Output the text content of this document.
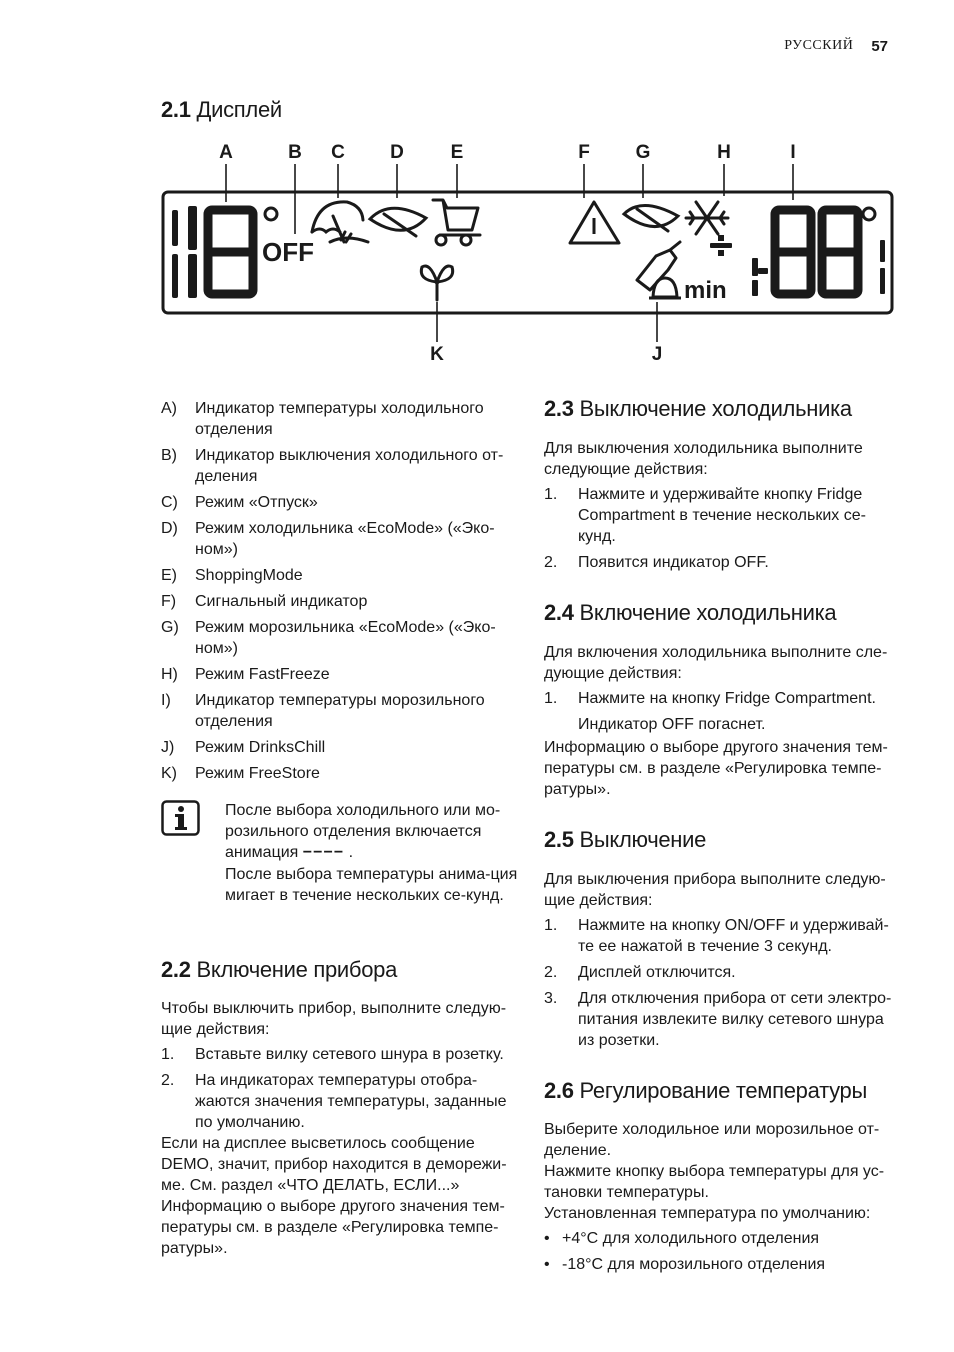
РУССКИЙ 57
2.1 Дисплей
A	B C D E	F G	H	I
K	J
OFF
min
A)	Индикатор температуры холодильного отделения
B)	Индикатор выключения холодильного от-деления
C)	Режим «Отпуск»
D)	Режим холодильника «EcoMode» («Эко-ном»)
E)	ShoppingMode
F)	Сигнальный индикатор
G)	Режим морозильника «EcoMode» («Эко-ном»)
H)	Режим FastFreeze
I)	Индикатор температуры морозильного отделения
J)	Режим DrinksChill
K)	Режим FreeStore

После выбора холодильного или мо-розильного отделения включается анимация −−−− .

После выбора температуры анима-ция мигает в течение нескольких се-кунд.

2.2 Включение прибора

Чтобы выключить прибор, выполните следую-щие действия:

1.	Вставьте вилку сетевого шнура в розетку.
2.	На индикаторах температуры отобра-жаются значения температуры, заданные по умолчанию.

Если на дисплее высветилось сообщение DEMO, значит, прибор находится в деморежи-ме. См. раздел «ЧТО ДЕЛАТЬ, ЕСЛИ...»

Информацию о выборе другого значения тем-пературы см. в разделе «Регулировка темпе-ратуры».

2.3 Выключение холодильника

Для выключения холодильника выполните следующие действия:

1.	Нажмите и удерживайте кнопку Fridge Compartment в течение нескольких се-кунд.
2.	Появится индикатор OFF.
2.4 Включение холодильника

Для включения холодильника выполните сле-дующие действия:

1.	Нажмите на кнопку Fridge Compartment.

Индикатор OFF погаснет.

Информацию о выборе другого значения тем-пературы см. в разделе «Регулировка темпе-ратуры».

2.5 Выключение

Для выключения прибора выполните следую-щие действия:

1.	Нажмите на кнопку ON/OFF и удерживай-те ее нажатой в течение 3 секунд.
2.	Дисплей отключится.
3.	Для отключения прибора от сети электро-питания извлеките вилку сетевого шнура из розетки.
2.6 Регулирование температуры

Выберите холодильное или морозильное от-деление.

Нажмите кнопку выбора температуры для ус-тановки температуры.

Установленная температура по умолчанию:

• +4°C для холодильного отделения
• -18°C для морозильного отделения
